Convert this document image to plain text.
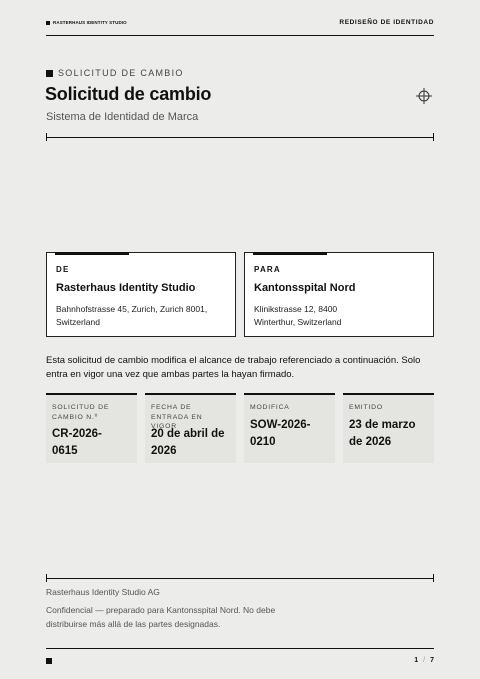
RASTERHAUS IDENTITY STUDIO	REDISEÑO DE IDENTIDAD
SOLICITUD DE CAMBIO
Solicitud de cambio
Sistema de Identidad de Marca
DE
Rasterhaus Identity Studio
Bahnhofstrasse 45, Zurich, Zurich 8001, Switzerland
PARA
Kantonsspital Nord
Klinikstrasse 12, 8400 Winterthur, Switzerland
Esta solicitud de cambio modifica el alcance de trabajo referenciado a continuación. Solo entra en vigor una vez que ambas partes la hayan firmado.
SOLICITUD DE CAMBIO N.º
CR-2026-0615
FECHA DE ENTRADA EN VIGOR
20 de abril de 2026
MODIFICA
SOW-2026-0210
EMITIDO
23 de marzo de 2026
Rasterhaus Identity Studio AG
Confidencial — preparado para Kantonsspital Nord. No debe distribuirse más allá de las partes designadas.
1 / 7
